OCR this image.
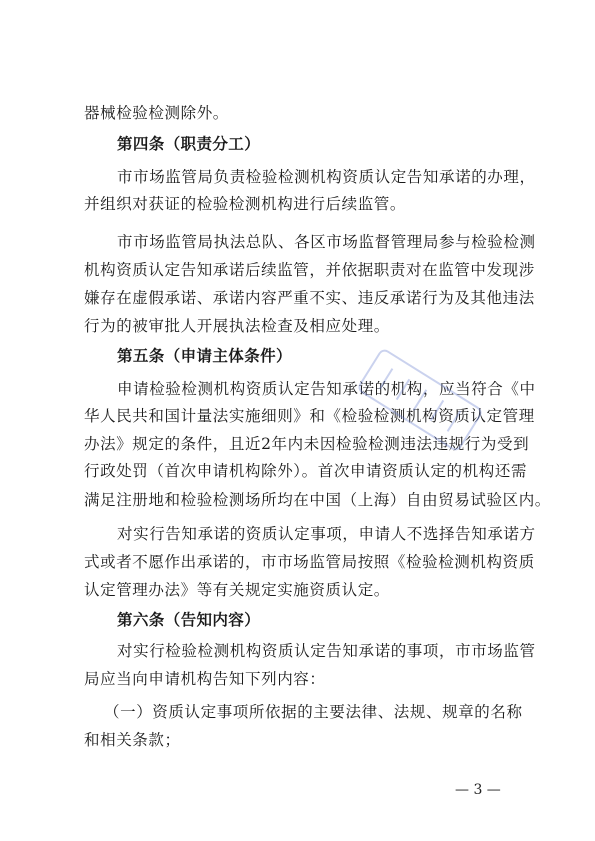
器械检验检测除外。
第四条（职责分工）
市市场监管局负责检验检测机构资质认定告知承诺的办理，
并组织对获证的检验检测机构进行后续监管。
市市场监管局执法总队、各区市场监督管理局参与检验检测
机构资质认定告知承诺后续监管，并依据职责对在监管中发现涉
嫌存在虚假承诺、承诺内容严重不实、违反承诺行为及其他违法
行为的被审批人开展执法检查及相应处理。
第五条（申请主体条件）
申请检验检测机构资质认定告知承诺的机构，应当符合《中
华人民共和国计量法实施细则》和《检验检测机构资质认定管理
办法》规定的条件，且近2年内未因检验检测违法违规行为受到
行政处罚（首次申请机构除外）。首次申请资质认定的机构还需
满足注册地和检验检测场所均在中国（上海）自由贸易试验区内。
对实行告知承诺的资质认定事项，申请人不选择告知承诺方
式或者不愿作出承诺的，市市场监管局按照《检验检测机构资质
认定管理办法》等有关规定实施资质认定。
第六条（告知内容）
对实行检验检测机构资质认定告知承诺的事项，市市场监管
局应当向申请机构告知下列内容：
（一）资质认定事项所依据的主要法律、法规、规章的名称
和相关条款；
— 3 —
